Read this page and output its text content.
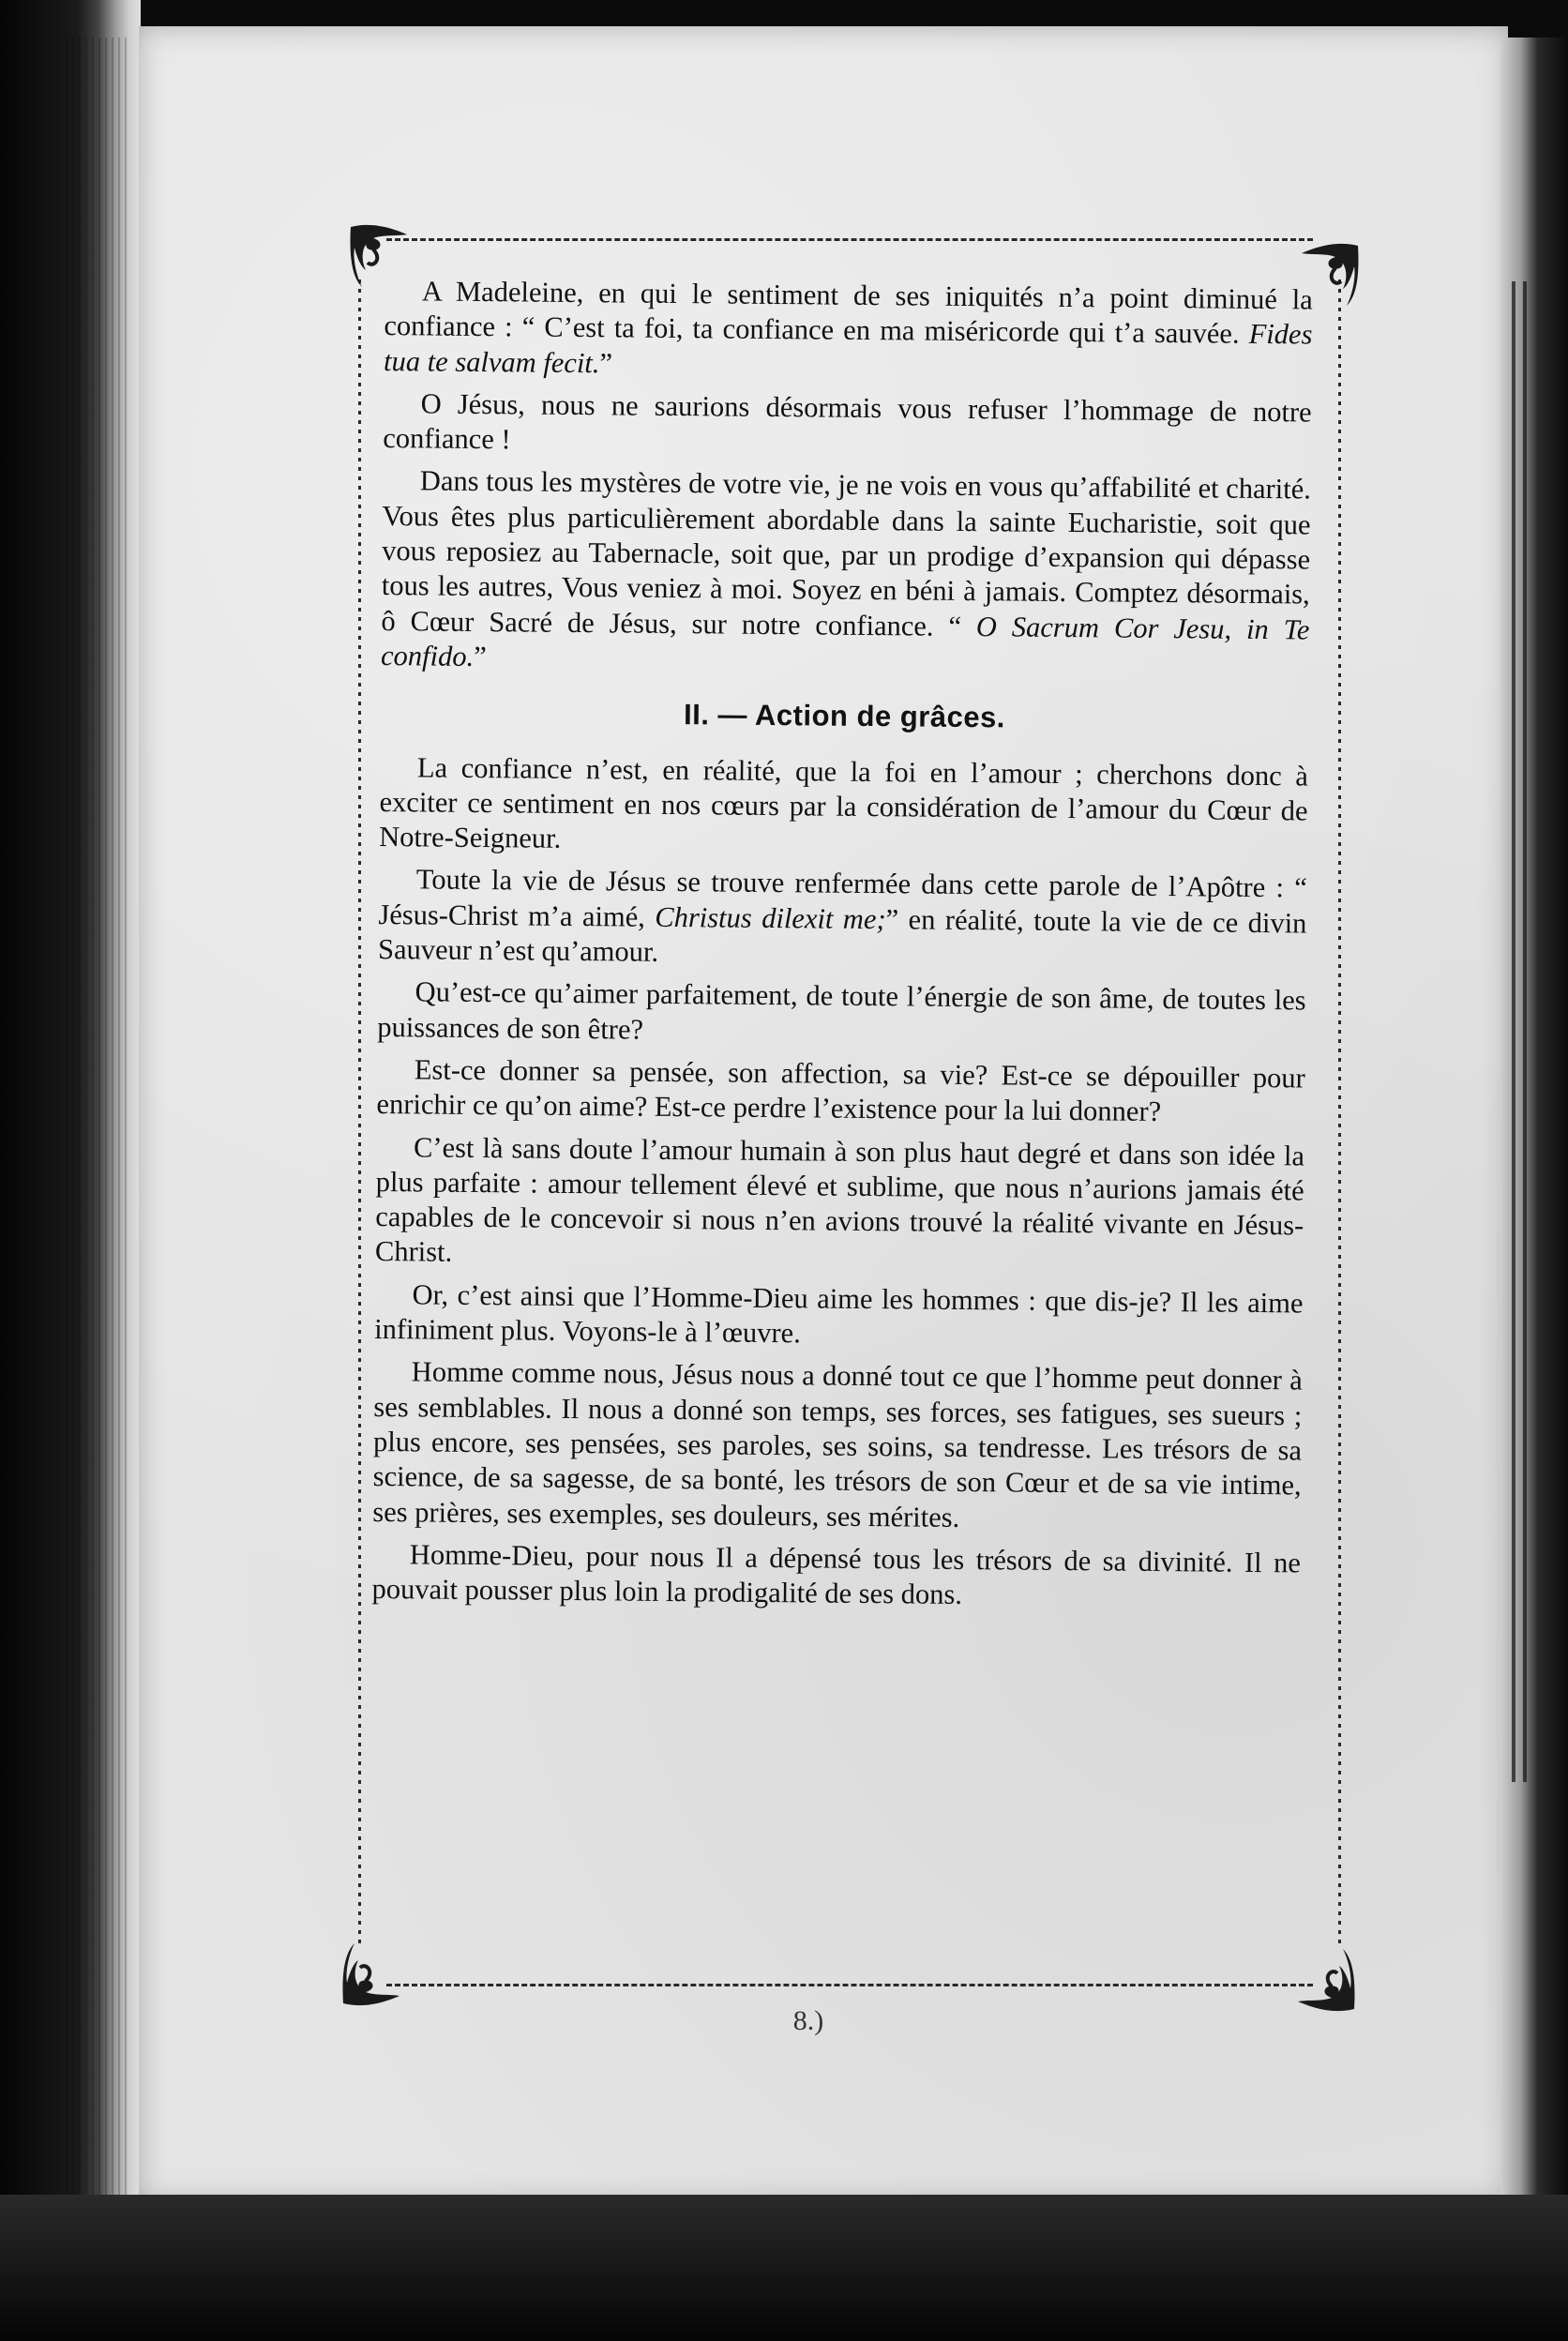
A Madeleine, en qui le sentiment de ses iniquités n’a point diminué la confiance : “ C’est ta foi, ta confiance en ma miséricorde qui t’a sauvée. Fides tua te salvam fecit.”

O Jésus, nous ne saurions désormais vous refuser l’hommage de notre confiance !

Dans tous les mystères de votre vie, je ne vois en vous qu’affabilité et charité. Vous êtes plus particulièrement abordable dans la sainte Eucharistie, soit que vous reposiez au Tabernacle, soit que, par un prodige d’expansion qui dépasse tous les autres, Vous veniez à moi. Soyez en béni à jamais. Comptez désormais, ô Cœur Sacré de Jésus, sur notre confiance. “ O Sacrum Cor Jesu, in Te confido.”

II. — Action de grâces.

La confiance n’est, en réalité, que la foi en l’amour ; cherchons donc à exciter ce sentiment en nos cœurs par la considération de l’amour du Cœur de Notre-Seigneur.

Toute la vie de Jésus se trouve renfermée dans cette parole de l’Apôtre : “ Jésus-Christ m’a aimé, Christus dilexit me;” en réalité, toute la vie de ce divin Sauveur n’est qu’amour.

Qu’est-ce qu’aimer parfaitement, de toute l’énergie de son âme, de toutes les puissances de son être?

Est-ce donner sa pensée, son affection, sa vie? Est-ce se dépouiller pour enrichir ce qu’on aime? Est-ce perdre l’existence pour la lui donner?

C’est là sans doute l’amour humain à son plus haut degré et dans son idée la plus parfaite : amour tellement élevé et sublime, que nous n’aurions jamais été capables de le concevoir si nous n’en avions trouvé la réalité vivante en Jésus-Christ.

Or, c’est ainsi que l’Homme-Dieu aime les hommes : que dis-je? Il les aime infiniment plus. Voyons-le à l’œuvre.

Homme comme nous, Jésus nous a donné tout ce que l’homme peut donner à ses semblables. Il nous a donné son temps, ses forces, ses fatigues, ses sueurs ; plus encore, ses pensées, ses paroles, ses soins, sa tendresse. Les trésors de sa science, de sa sagesse, de sa bonté, les trésors de son Cœur et de sa vie intime, ses prières, ses exemples, ses douleurs, ses mérites.

Homme-Dieu, pour nous Il a dépensé tous les trésors de sa divinité. Il ne pouvait pousser plus loin la prodigalité de ses dons.

8.)
